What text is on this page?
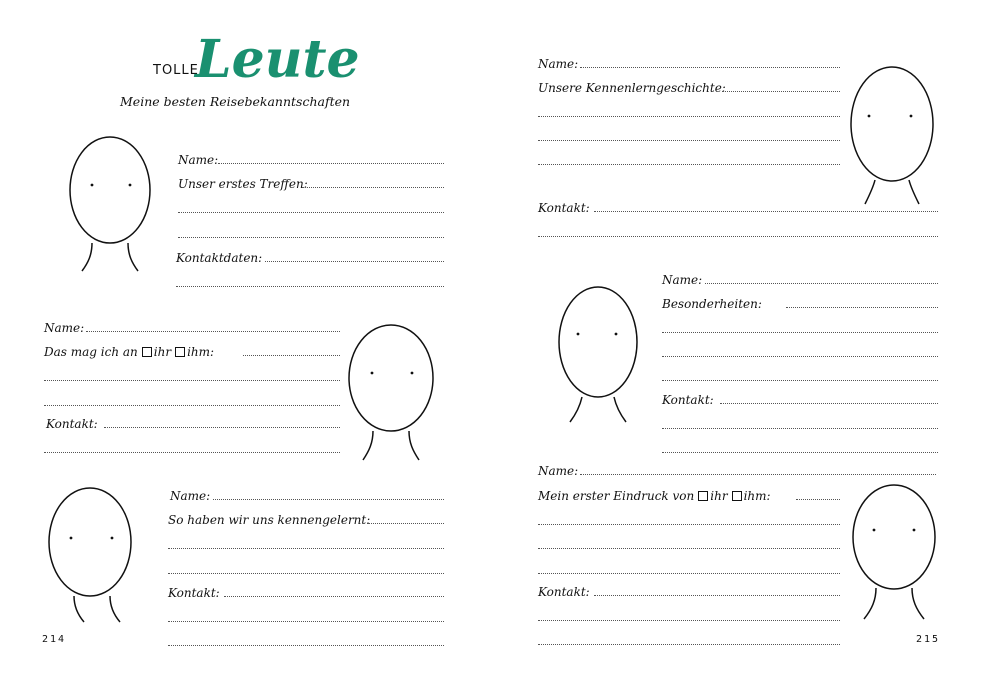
TOLLE
Leute
Meine besten Reisebekanntschaften
Name:
Unser erstes Treffen:
Kontaktdaten:
Name:
Das mag ich an ihr ihm:
Kontakt:
Name:
So haben wir uns kennengelernt:
Kontakt:
214
Name:
Unsere Kennenlerngeschichte:
Kontakt:
Name:
Besonderheiten:
Kontakt:
Name:
Mein erster Eindruck von ihr ihm:
Kontakt:
215
